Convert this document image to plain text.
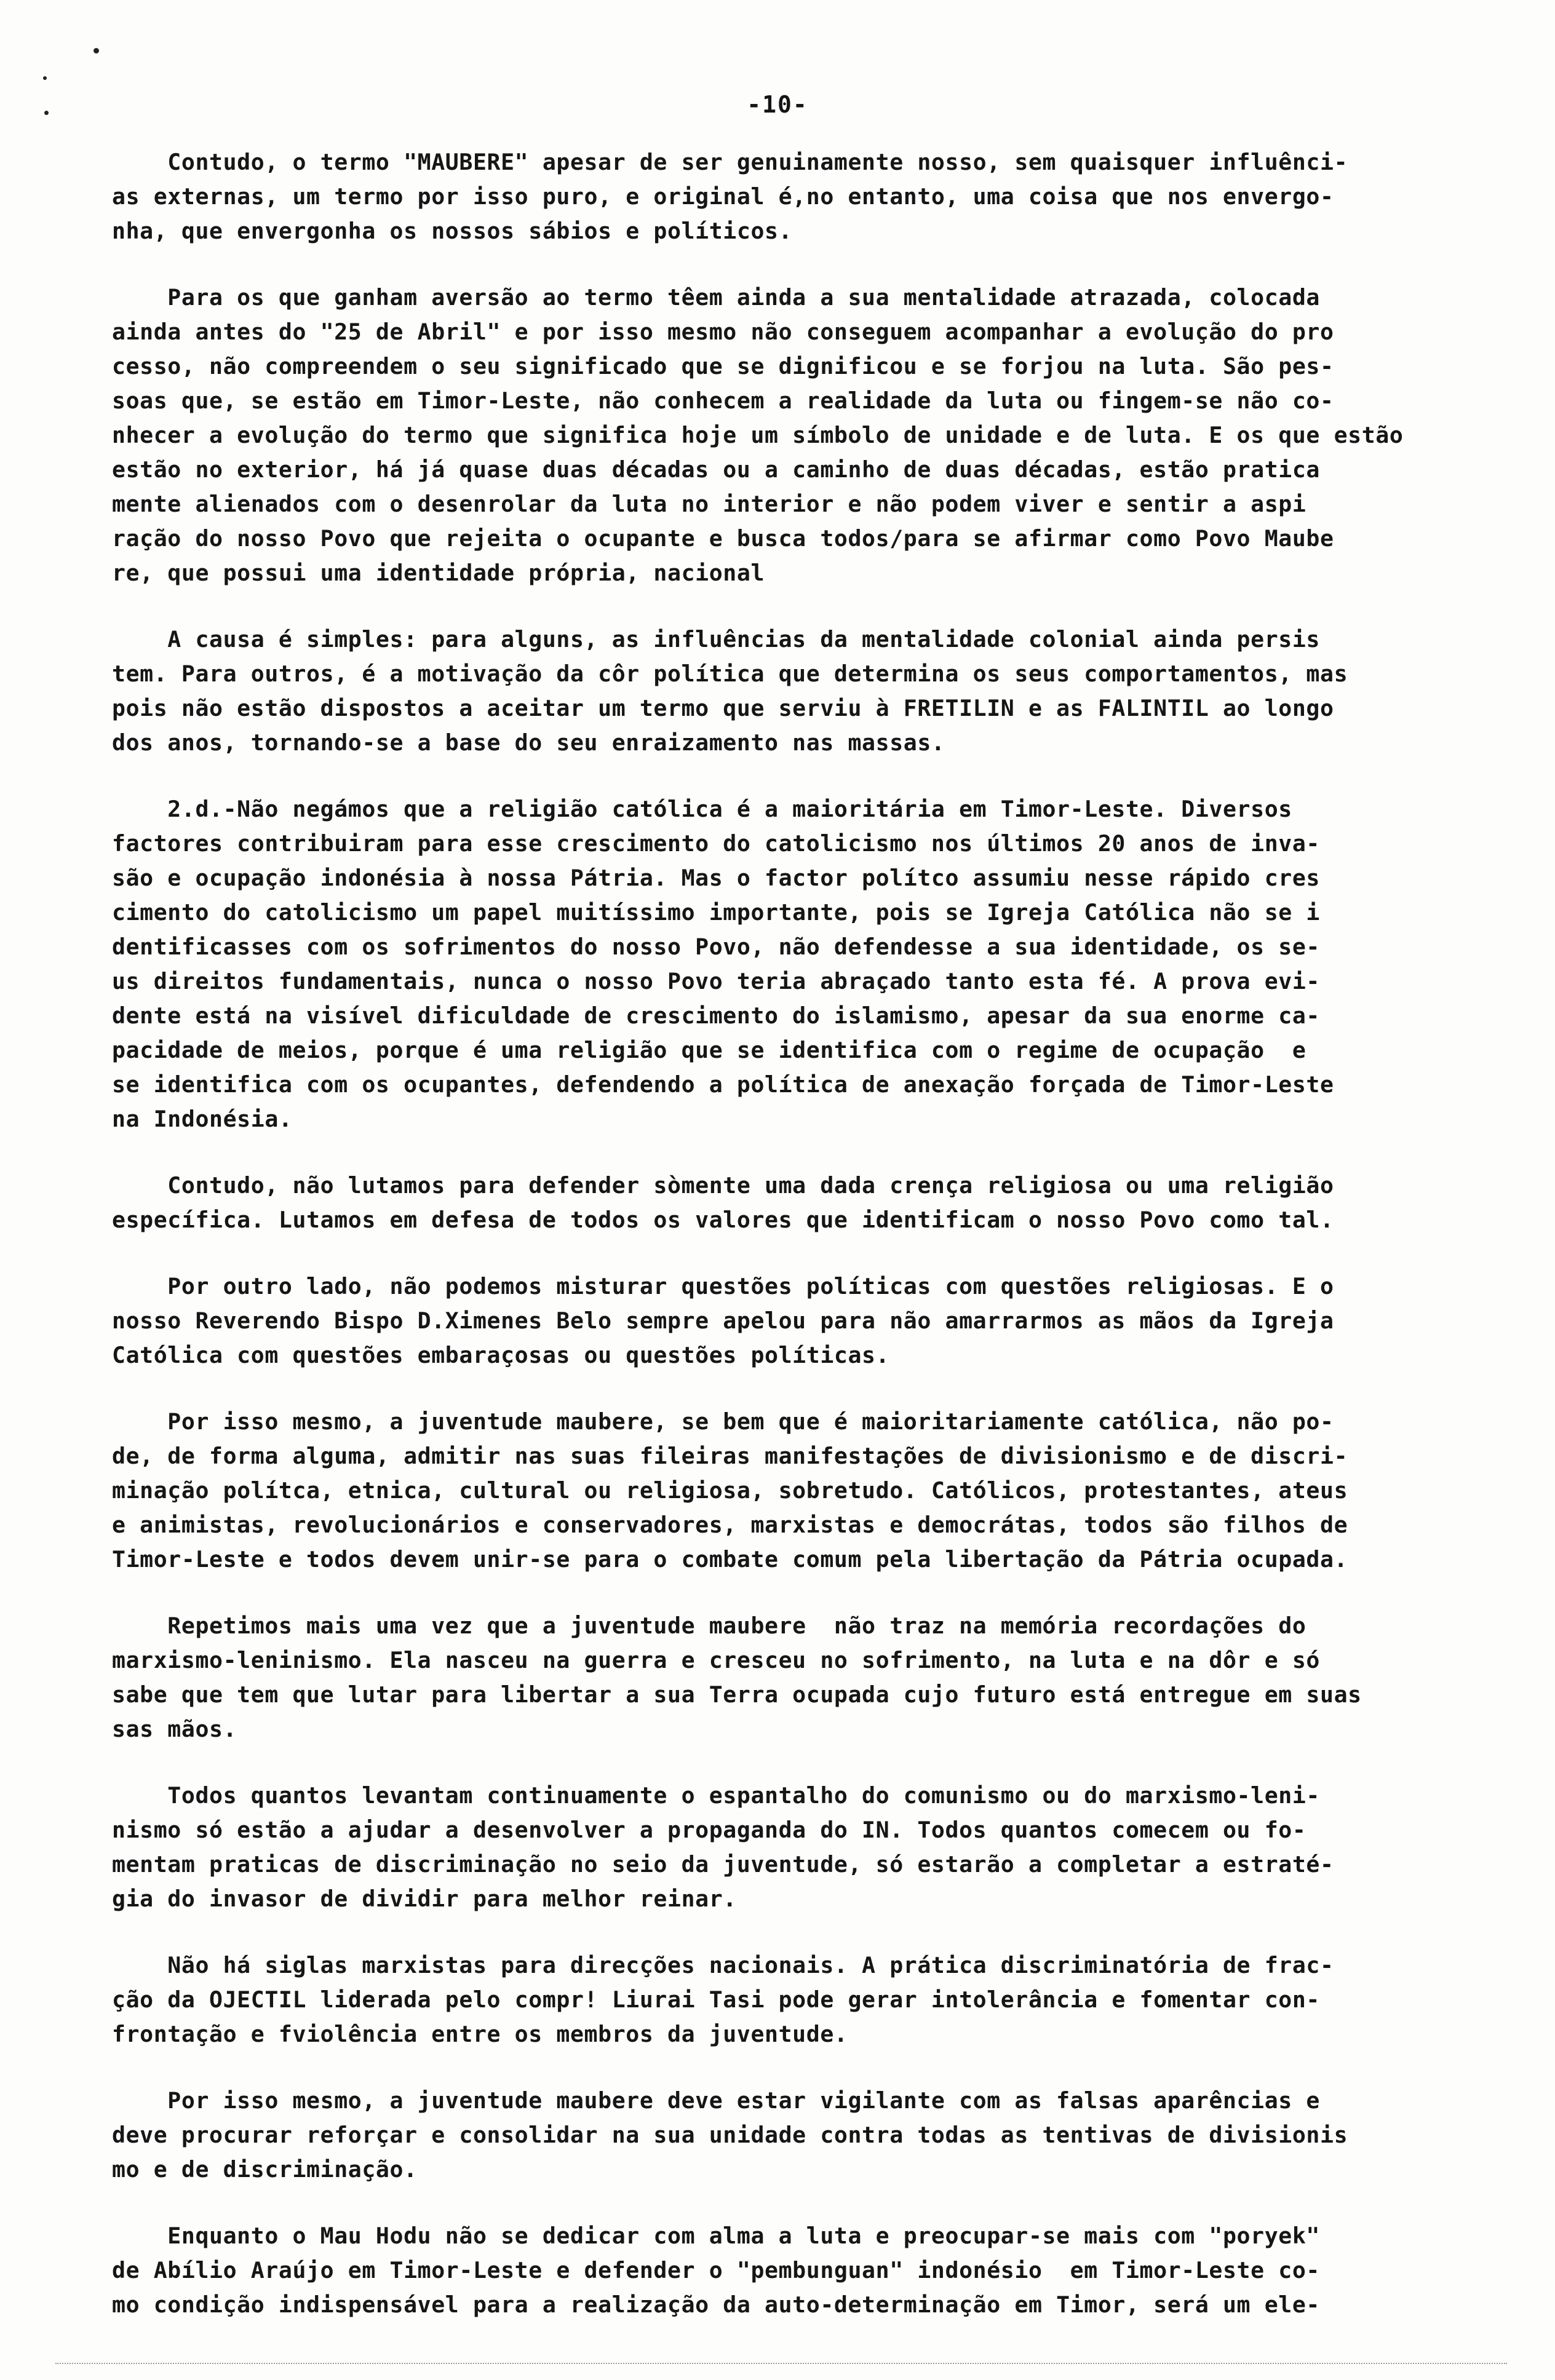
-10-
Contudo, o termo "MAUBERE" apesar de ser genuinamente nosso, sem quaisquer influênci-
as externas, um termo por isso puro, e original é,no entanto, uma coisa que nos envergo-
nha, que envergonha os nossos sábios e políticos.
Para os que ganham aversão ao termo têem ainda a sua mentalidade atrazada, colocada
ainda antes do "25 de Abril" e por isso mesmo não conseguem acompanhar a evolução do pro
cesso, não compreendem o seu significado que se dignificou e se forjou na luta. São pes-
soas que, se estão em Timor-Leste, não conhecem a realidade da luta ou fingem-se não co-
nhecer a evolução do termo que significa hoje um símbolo de unidade e de luta. E os que estão
estão no exterior, há já quase duas décadas ou a caminho de duas décadas, estão pratica
mente alienados com o desenrolar da luta no interior e não podem viver e sentir a aspi
ração do nosso Povo que rejeita o ocupante e busca todos/para se afirmar como Povo Maube
re, que possui uma identidade própria, nacional
A causa é simples: para alguns, as influências da mentalidade colonial ainda persis
tem. Para outros, é a motivação da côr política que determina os seus comportamentos, mas
pois não estão dispostos a aceitar um termo que serviu à FRETILIN e as FALINTIL ao longo
dos anos, tornando-se a base do seu enraizamento nas massas.
2.d.-Não negámos que a religião católica é a maioritária em Timor-Leste. Diversos
factores contribuiram para esse crescimento do catolicismo nos últimos 20 anos de inva-
são e ocupação indonésia à nossa Pátria. Mas o factor polítco assumiu nesse rápido cres
cimento do catolicismo um papel muitíssimo importante, pois se Igreja Católica não se i
dentificasses com os sofrimentos do nosso Povo, não defendesse a sua identidade, os se-
us direitos fundamentais, nunca o nosso Povo teria abraçado tanto esta fé. A prova evi-
dente está na visível dificuldade de crescimento do islamismo, apesar da sua enorme ca-
pacidade de meios, porque é uma religião que se identifica com o regime de ocupação  e
se identifica com os ocupantes, defendendo a política de anexação forçada de Timor-Leste
na Indonésia.
Contudo, não lutamos para defender sòmente uma dada crença religiosa ou uma religião
específica. Lutamos em defesa de todos os valores que identificam o nosso Povo como tal.
Por outro lado, não podemos misturar questões políticas com questões religiosas. E o
nosso Reverendo Bispo D.Ximenes Belo sempre apelou para não amarrarmos as mãos da Igreja
Católica com questões embaraçosas ou questões políticas.
Por isso mesmo, a juventude maubere, se bem que é maioritariamente católica, não po-
de, de forma alguma, admitir nas suas fileiras manifestações de divisionismo e de discri-
minação polítca, etnica, cultural ou religiosa, sobretudo. Católicos, protestantes, ateus
e animistas, revolucionários e conservadores, marxistas e democrátas, todos são filhos de
Timor-Leste e todos devem unir-se para o combate comum pela libertação da Pátria ocupada.
Repetimos mais uma vez que a juventude maubere  não traz na memória recordações do
marxismo-leninismo. Ela nasceu na guerra e cresceu no sofrimento, na luta e na dôr e só
sabe que tem que lutar para libertar a sua Terra ocupada cujo futuro está entregue em suas
sas mãos.
Todos quantos levantam continuamente o espantalho do comunismo ou do marxismo-leni-
nismo só estão a ajudar a desenvolver a propaganda do IN. Todos quantos comecem ou fo-
mentam praticas de discriminação no seio da juventude, só estarão a completar a estraté-
gia do invasor de dividir para melhor reinar.
Não há siglas marxistas para direcções nacionais. A prática discriminatória de frac-
ção da OJECTIL liderada pelo compr! Liurai Tasi pode gerar intolerância e fomentar con-
frontação e fviolência entre os membros da juventude.
Por isso mesmo, a juventude maubere deve estar vigilante com as falsas aparências e
deve procurar reforçar e consolidar na sua unidade contra todas as tentivas de divisionis
mo e de discriminação.
Enquanto o Mau Hodu não se dedicar com alma a luta e preocupar-se mais com "poryek"
de Abílio Araújo em Timor-Leste e defender o "pembunguan" indonésio  em Timor-Leste co-
mo condição indispensável para a realização da auto-determinação em Timor, será um ele-
